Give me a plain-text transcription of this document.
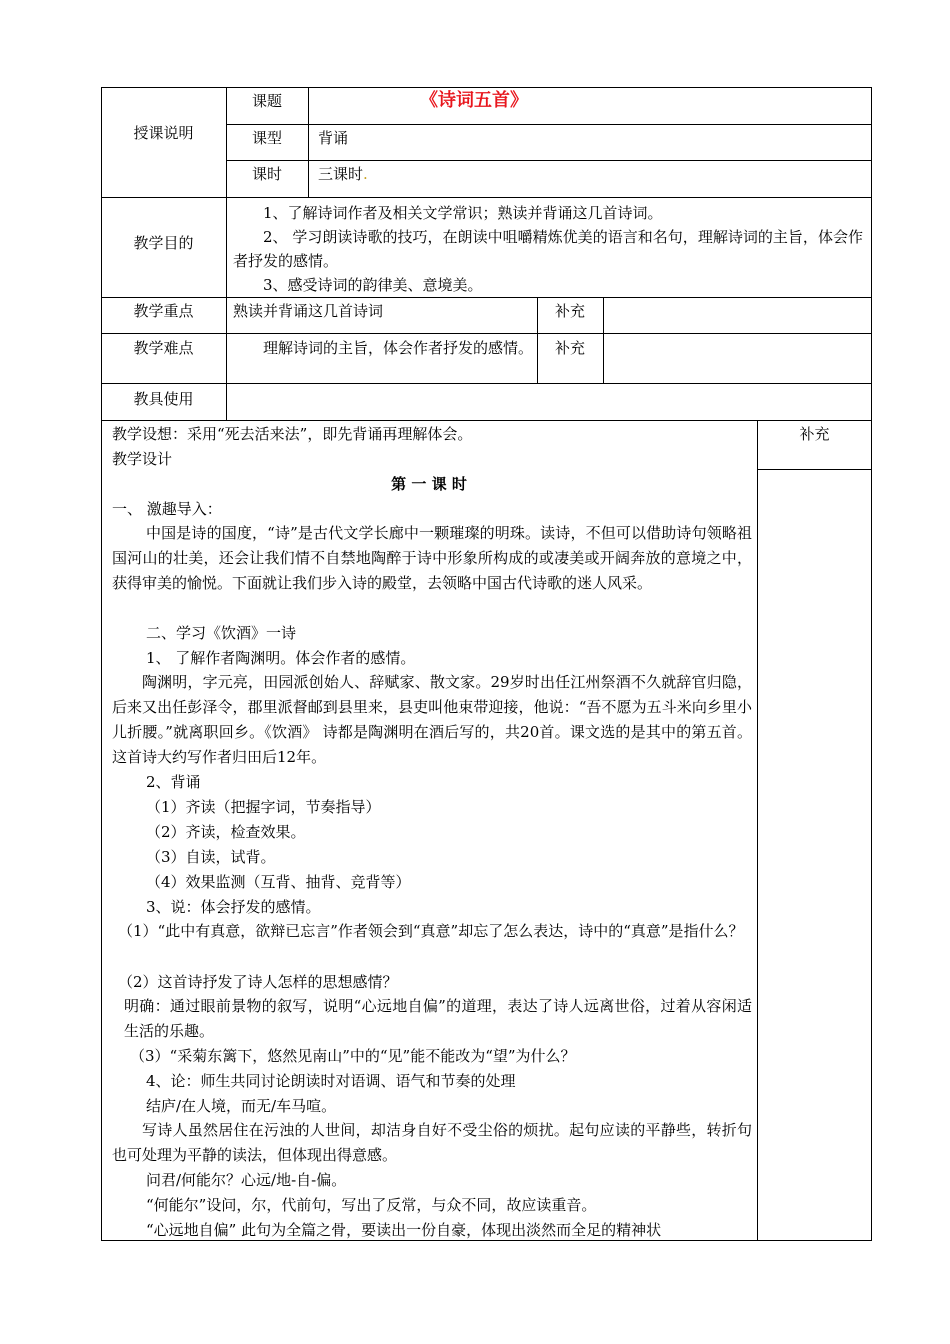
授课说明
课题	《诗词五首》
课型	背诵
课时	三课时.
教学目的
1、了解诗词作者及相关文学常识；熟读并背诵这几首诗词。
2、 学习朗读诗歌的技巧，在朗读中咀嚼精炼优美的语言和名句，理解诗词的主旨，体会作者抒发的感情。
3、感受诗词的韵律美、意境美。
教学重点	熟读并背诵这几首诗词	补充
教学难点	理解诗词的主旨，体会作者抒发的感情。	补充
教具使用
教学设想：采用“死去活来法”，即先背诵再理解体会。
教学设计
补充
第 一 课 时
一、 激趣导入：
中国是诗的国度，“诗”是古代文学长廊中一颗璀璨的明珠。读诗，不但可以借助诗句领略祖国河山的壮美，还会让我们情不自禁地陶醉于诗中形象所构成的或凄美或开阔奔放的意境之中，获得审美的愉悦。下面就让我们步入诗的殿堂，去领略中国古代诗歌的迷人风采。
二、学习《饮酒》一诗
1、 了解作者陶渊明。体会作者的感情。
陶渊明，字元亮，田园派创始人、辞赋家、散文家。29岁时出任江州祭酒不久就辞官归隐，后来又出任彭泽令，郡里派督邮到县里来，县吏叫他束带迎接，他说：“吾不愿为五斗米向乡里小儿折腰。”就离职回乡。《饮酒》 诗都是陶渊明在酒后写的，共20首。课文选的是其中的第五首。这首诗大约写作者归田后12年。
2、背诵
（1）齐读（把握字词，节奏指导）
（2）齐读，检查效果。
（3）自读，试背。
（4）效果监测（互背、抽背、竞背等）
3、说：体会抒发的感情。
（1）“此中有真意，欲辩已忘言”作者领会到“真意”却忘了怎么表达，诗中的“真意”是指什么？
（2）这首诗抒发了诗人怎样的思想感情？
明确：通过眼前景物的叙写，说明“心远地自偏”的道理，表达了诗人远离世俗，过着从容闲适生活的乐趣。
（3）“采菊东篱下，悠然见南山”中的“见”能不能改为“望”为什么？
4、论：师生共同讨论朗读时对语调、语气和节奏的处理
结庐/在人境，而无/车马喧。
写诗人虽然居住在污浊的人世间，却洁身自好不受尘俗的烦扰。起句应读的平静些，转折句也可处理为平静的读法，但体现出得意感。
问君/何能尔？心远/地-自-偏。
“何能尔”设问，尔，代前句，写出了反常，与众不同，故应读重音。
“心远地自偏” 此句为全篇之骨，要读出一份自豪，体现出淡然而全足的精神状
